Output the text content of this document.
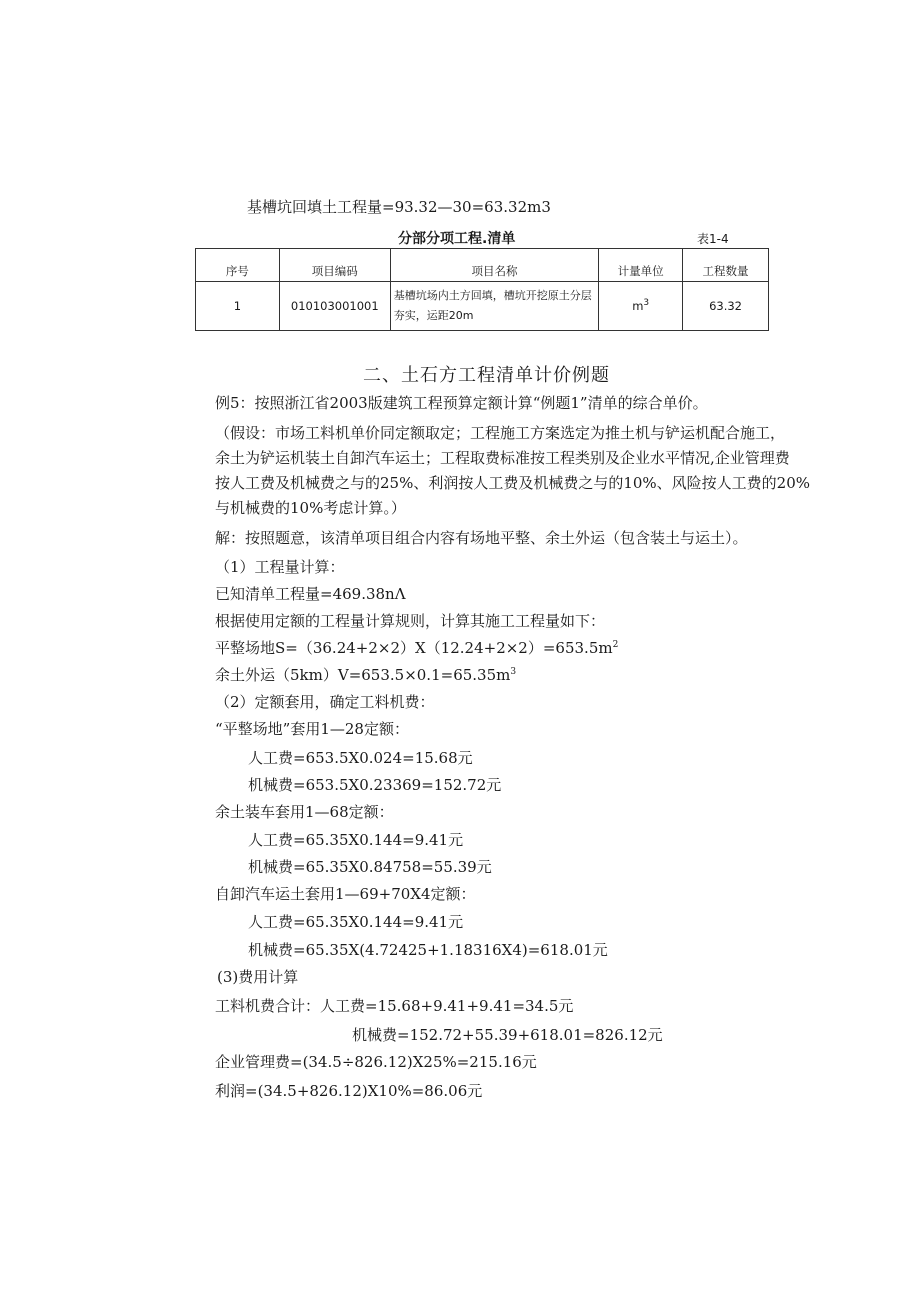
基槽坑回填土工程量=93.32—30=63.32m3
分部分项工程.清单	表1-4
序号	项目编码	项目名称	计量单位	工程数量
1	010103001001	基槽坑场内土方回填，槽坑开挖原土分层夯实，运距20m	$m^3$	63.32
二、土石方工程清单计价例题
例5：按照浙江省2003版建筑工程预算定额计算“例题1”清单的综合单价。
（假设：市场工料机单价同定额取定；工程施工方案选定为推土机与铲运机配合施工，
余土为铲运机装土自卸汽车运土；工程取费标准按工程类别及企业水平情况,企业管理费
按人工费及机械费之与的25%、利润按人工费及机械费之与的10%、风险按人工费的20%
与机械费的10%考虑计算。）
解：按照题意，该清单项目组合内容有场地平整、余土外运（包含装土与运土）。
（1）工程量计算：
已知清单工程量=469.38nΛ
根据使用定额的工程量计算规则，计算其施工工程量如下：
平整场地$S=(36.24+2\times 2)X(12.24+2\times 2)=653.5m^2$
余土外运$(5km)V=653.5\times 0.1=65.35m^3$
（2）定额套用，确定工料机费：
“平整场地”套用1—28定额：
人工费=653.5X0.024=15.68元
机械费=653.5X0.23369=152.72元
余土装车套用1—68定额：
人工费=65.35X0.144=9.41元
机械费=65.35X0.84758=55.39元
自卸汽车运土套用1—69+70X4定额：
人工费=65.35X0.144=9.41元
机械费=65.35X(4.72425+1.18316X4)=618.01元
(3)费用计算
工料机费合计：人工费=15.68+9.41+9.41=34.5元
机械费=152.72+55.39+618.01=826.12元
企业管理费=(34.5÷826.12)X25%=215.16元
利润=(34.5+826.12)X10%=86.06元
